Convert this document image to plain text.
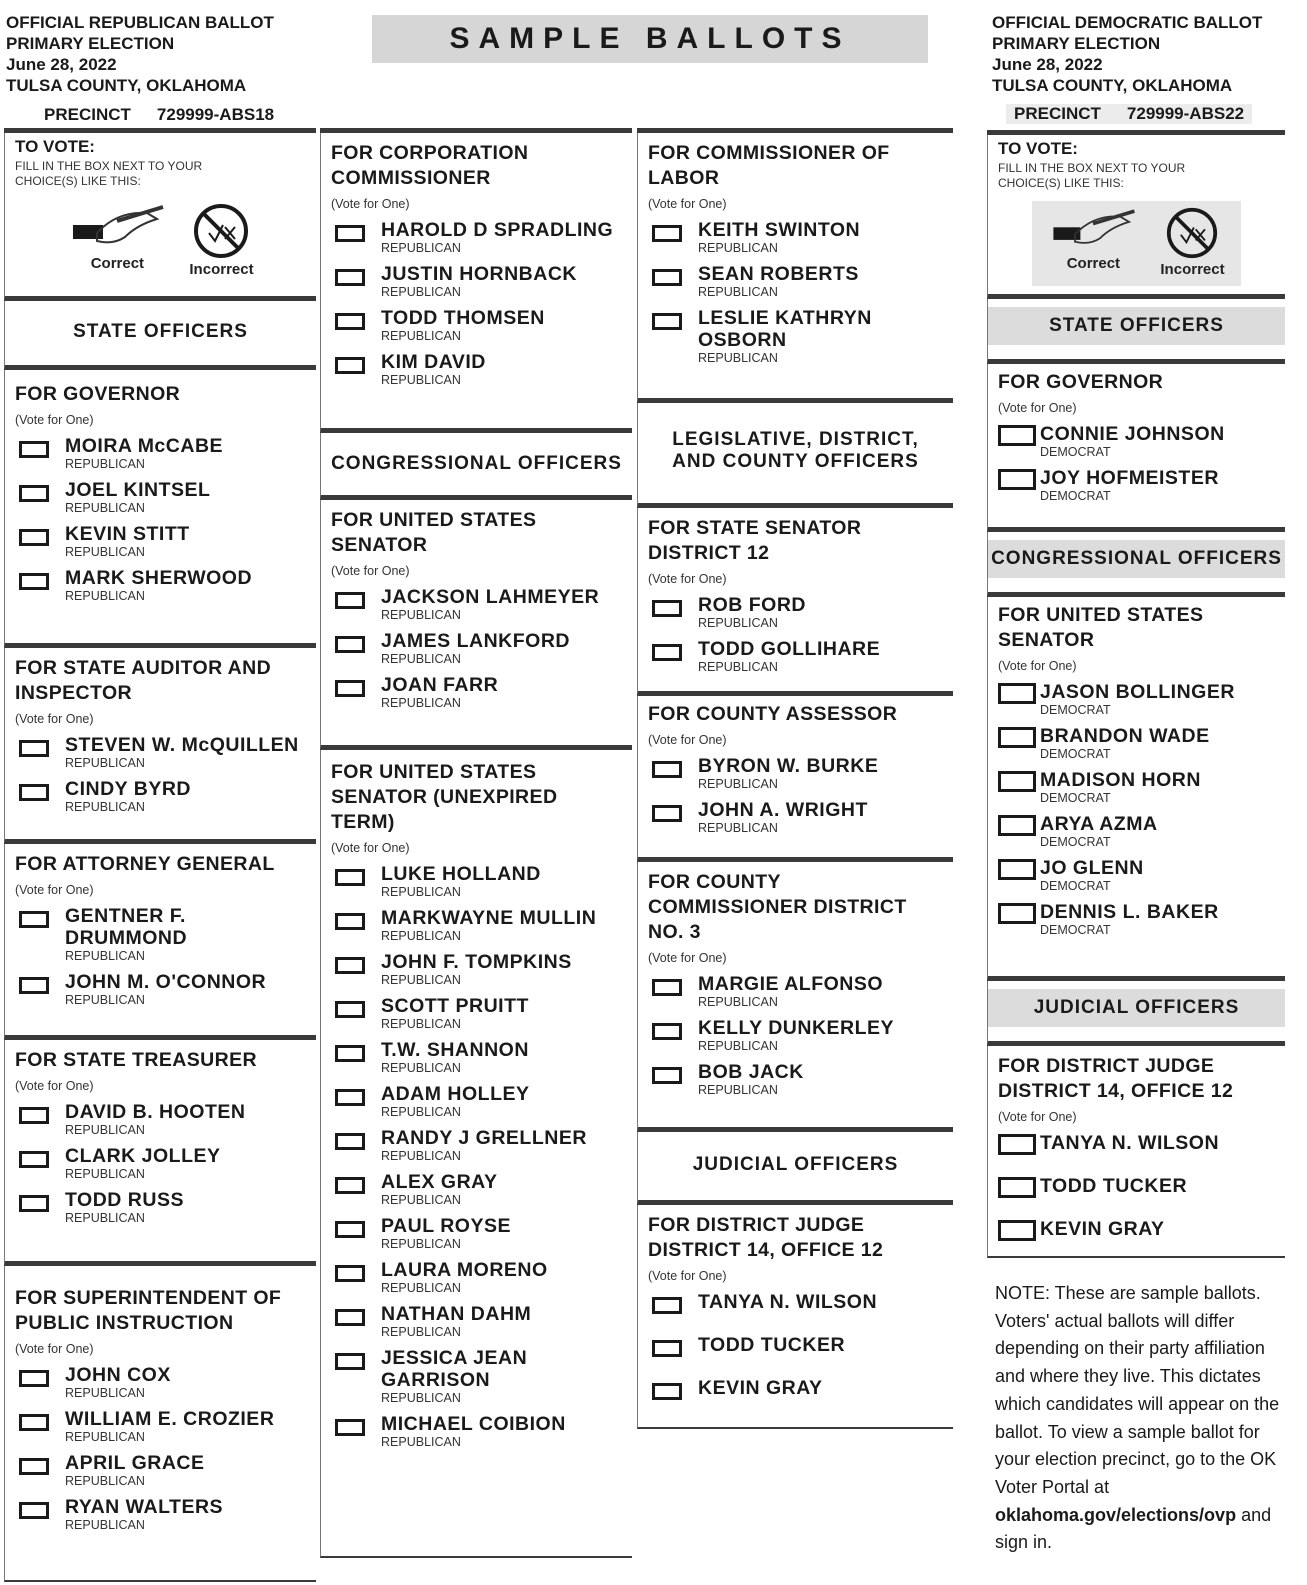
OFFICIAL REPUBLICAN BALLOT
PRIMARY ELECTION
June 28, 2022
TULSA COUNTY, OKLAHOMA
PRECINCT 729999-ABS18
SAMPLE BALLOTS	OFFICIAL DEMOCRATIC BALLOT
PRIMARY ELECTION
June 28, 2022
TULSA COUNTY, OKLAHOMA
PRECINCT 729999-ABS22
TO VOTE:
FILL IN THE BOX NEXT TO YOUR CHOICE(S) LIKE THIS:
Correct	Incorrect
STATE OFFICERS
FOR GOVERNOR
(Vote for One)
MOIRA McCABE
REPUBLICAN
JOEL KINTSEL
REPUBLICAN
KEVIN STITT
REPUBLICAN
MARK SHERWOOD
REPUBLICAN
FOR STATE AUDITOR AND INSPECTOR
(Vote for One)
STEVEN W. McQUILLEN
REPUBLICAN
CINDY BYRD
REPUBLICAN
FOR ATTORNEY GENERAL
(Vote for One)
GENTNER F. DRUMMOND
REPUBLICAN
JOHN M. O'CONNOR
REPUBLICAN
FOR STATE TREASURER
(Vote for One)
DAVID B. HOOTEN
REPUBLICAN
CLARK JOLLEY
REPUBLICAN
TODD RUSS
REPUBLICAN
FOR SUPERINTENDENT OF PUBLIC INSTRUCTION
(Vote for One)
JOHN COX
REPUBLICAN
WILLIAM E. CROZIER
REPUBLICAN
APRIL GRACE
REPUBLICAN
RYAN WALTERS
REPUBLICAN
FOR CORPORATION COMMISSIONER
(Vote for One)
HAROLD D SPRADLING
REPUBLICAN
JUSTIN HORNBACK
REPUBLICAN
TODD THOMSEN
REPUBLICAN
KIM DAVID
REPUBLICAN
CONGRESSIONAL OFFICERS
FOR UNITED STATES SENATOR
(Vote for One)
JACKSON LAHMEYER
REPUBLICAN
JAMES LANKFORD
REPUBLICAN
JOAN FARR
REPUBLICAN
FOR UNITED STATES SENATOR (UNEXPIRED TERM)
(Vote for One)
LUKE HOLLAND
REPUBLICAN
MARKWAYNE MULLIN
REPUBLICAN
JOHN F. TOMPKINS
REPUBLICAN
SCOTT PRUITT
REPUBLICAN
T.W. SHANNON
REPUBLICAN
ADAM HOLLEY
REPUBLICAN
RANDY J GRELLNER
REPUBLICAN
ALEX GRAY
REPUBLICAN
PAUL ROYSE
REPUBLICAN
LAURA MORENO
REPUBLICAN
NATHAN DAHM
REPUBLICAN
JESSICA JEAN GARRISON
REPUBLICAN
MICHAEL COIBION
REPUBLICAN
FOR COMMISSIONER OF LABOR
(Vote for One)
KEITH SWINTON
REPUBLICAN
SEAN ROBERTS
REPUBLICAN
LESLIE KATHRYN OSBORN
REPUBLICAN
LEGISLATIVE, DISTRICT, AND COUNTY OFFICERS
FOR STATE SENATOR DISTRICT 12
(Vote for One)
ROB FORD
REPUBLICAN
TODD GOLLIHARE
REPUBLICAN
FOR COUNTY ASSESSOR
(Vote for One)
BYRON W. BURKE
REPUBLICAN
JOHN A. WRIGHT
REPUBLICAN
FOR COUNTY COMMISSIONER DISTRICT NO. 3
(Vote for One)
MARGIE ALFONSO
REPUBLICAN
KELLY DUNKERLEY
REPUBLICAN
BOB JACK
REPUBLICAN
JUDICIAL OFFICERS
FOR DISTRICT JUDGE DISTRICT 14, OFFICE 12
(Vote for One)
TANYA N. WILSON
TODD TUCKER
KEVIN GRAY
TO VOTE:
FILL IN THE BOX NEXT TO YOUR CHOICE(S) LIKE THIS:
Correct	Incorrect
STATE OFFICERS
FOR GOVERNOR
(Vote for One)
CONNIE JOHNSON
DEMOCRAT
JOY HOFMEISTER
DEMOCRAT
CONGRESSIONAL OFFICERS
FOR UNITED STATES SENATOR
(Vote for One)
JASON BOLLINGER
DEMOCRAT
BRANDON WADE
DEMOCRAT
MADISON HORN
DEMOCRAT
ARYA AZMA
DEMOCRAT
JO GLENN
DEMOCRAT
DENNIS L. BAKER
DEMOCRAT
JUDICIAL OFFICERS
FOR DISTRICT JUDGE DISTRICT 14, OFFICE 12
(Vote for One)
TANYA N. WILSON
TODD TUCKER
KEVIN GRAY
NOTE: These are sample ballots. Voters' actual ballots will differ depending on their party affiliation and where they live. This dictates which candidates will appear on the ballot. To view a sample ballot for your election precinct, go to the OK Voter Portal at oklahoma.gov/elections/ovp and sign in.
